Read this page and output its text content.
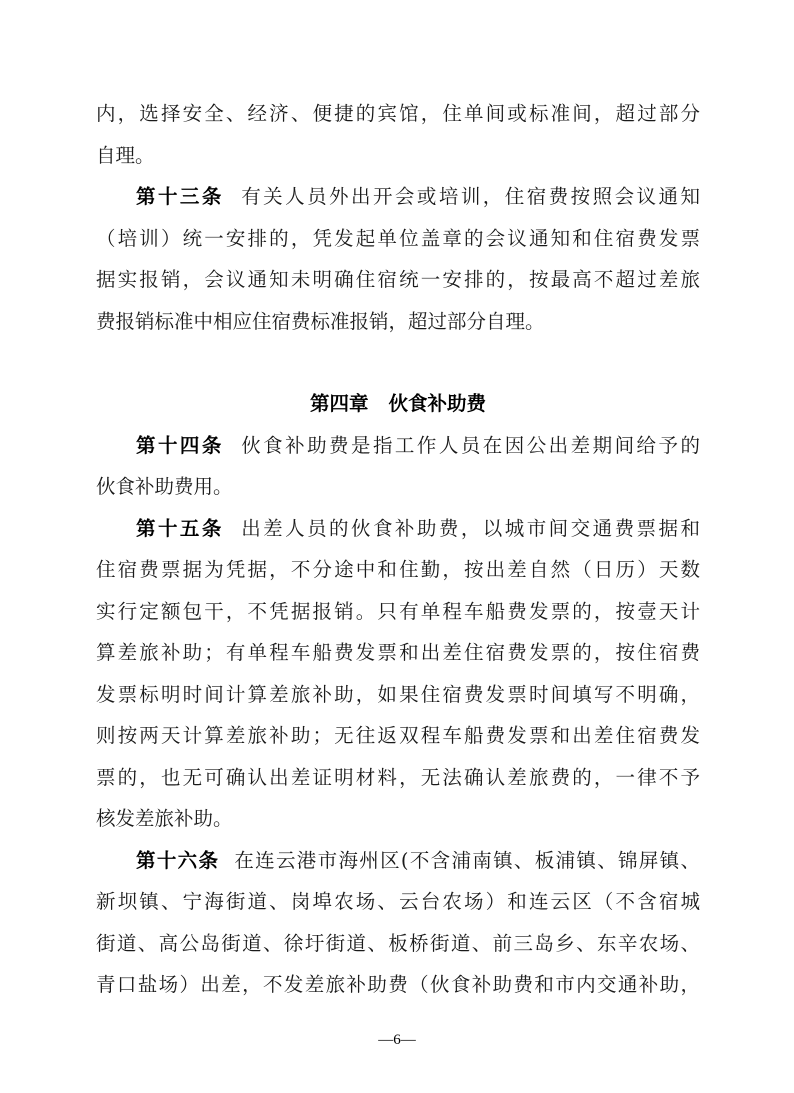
内，选择安全、经济、便捷的宾馆，住单间或标准间，超过部分
自理。
第十三条 有关人员外出开会或培训，住宿费按照会议通知
（培训）统一安排的，凭发起单位盖章的会议通知和住宿费发票
据实报销，会议通知未明确住宿统一安排的，按最高不超过差旅
费报销标准中相应住宿费标准报销，超过部分自理。
第四章 伙食补助费
第十四条 伙食补助费是指工作人员在因公出差期间给予的
伙食补助费用。
第十五条 出差人员的伙食补助费，以城市间交通费票据和
住宿费票据为凭据，不分途中和住勤，按出差自然（日历）天数
实行定额包干，不凭据报销。只有单程车船费发票的，按壹天计
算差旅补助；有单程车船费发票和出差住宿费发票的，按住宿费
发票标明时间计算差旅补助，如果住宿费发票时间填写不明确，
则按两天计算差旅补助；无往返双程车船费发票和出差住宿费发
票的，也无可确认出差证明材料，无法确认差旅费的，一律不予
核发差旅补助。
第十六条 在连云港市海州区(不含浦南镇、板浦镇、锦屏镇、
新坝镇、宁海街道、岗埠农场、云台农场）和连云区（不含宿城
街道、高公岛街道、徐圩街道、板桥街道、前三岛乡、东辛农场、
青口盐场）出差，不发差旅补助费（伙食补助费和市内交通补助，
—6—
